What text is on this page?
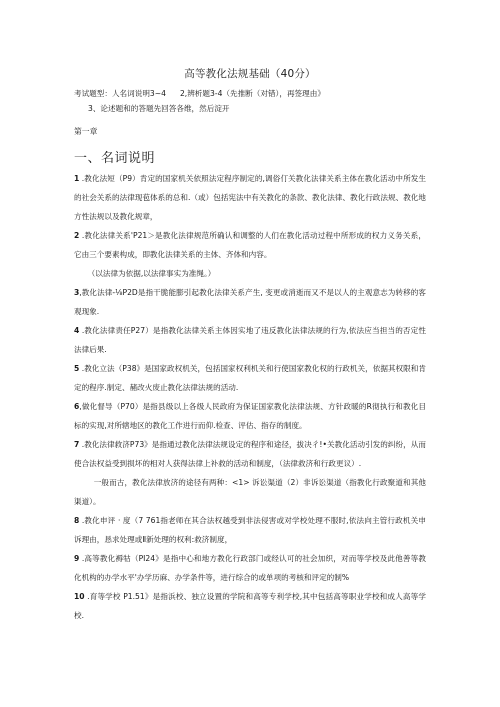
高等教化法规基础（40分）
考试题型：人名词说明3~4 2,辨析题3-4（先推断（对错），再签理由》
3、论述题和的答题先回答各维，然后淀开
第一章
一、名词说明

1 .教化法短（P9）肯定的国家机关依照法定程序制定的,调俗仃关教化法律关系主体在教化活动中所发生的社会关系的法律现苞体系的总和.（或）包括宪法中有关教化的条款、教化法律、教化行政法规、教化地方性法规以及教化规章，

2 .教化法律关系'P21＞是教化法律规范所确认和调整的人们在教化活动过程中所形成的权力义务关系，它由三个要素构成，即教化法律关系的主体、齐体和内容。

（以法律为依据,以法律事实为准绳。）

3,教化法律-⅛P2D是指干脆能膨引起教化法律关系产生, 变更或消逝而又不是以人的主观意志为转移的客观现象.

4 .教化法律责任P27）是指教化法律关系主体因实地了违反教化法律法规的行为,依法应当担当的否定性法律后果.

5 .教化立法（P38》是国家政权机关，包括国家权利机关和行使国家教化权的行政机关，依据其权限和肯定的程序.制定、赭改火废止教化法律法规的活动.

6,做化督导（P70）是指县级以上各级人民政府为保证国家教化法律法规、方针政暖的R彻执行和教化目标的实现,对所辖地区的教化工作进行而仰.检查、评估、指存的制度。

7 .教化法律救济P73》是指通过教化法律法规设定的程序和途径，拔决彳!•关教化活动引发的纠纷，从而使合法权益受到损坏的相对人获得法律上补救的活动和制度，（法律救济和行政更议）.

一般而古，教化法律放济的途径有两种：<1> 诉讼渠道（2）非诉讼渠道（指教化行政聚道和其他渠道）。

8 .教化申评 · 度（7 761指老师在其合法权越受到非法侵害或对学校处理不服时,依法向主管行政机关申诉理由，恳求处理或Ⅱ新处理的权利:救济制度，

9 .高等教化褥牯（PI24》是指中心和地方教化行政部门或经认可的社会加织，对而等学校及此他善等教化机构的办学水平'办学历麻、办学条件等，进行综合的或单项的考核和评定的制%

10 .育等学校 P1.51》是指浜校、独立设置的学院和高等专利学校,其中包括高等职业学校和成人高等学校.
